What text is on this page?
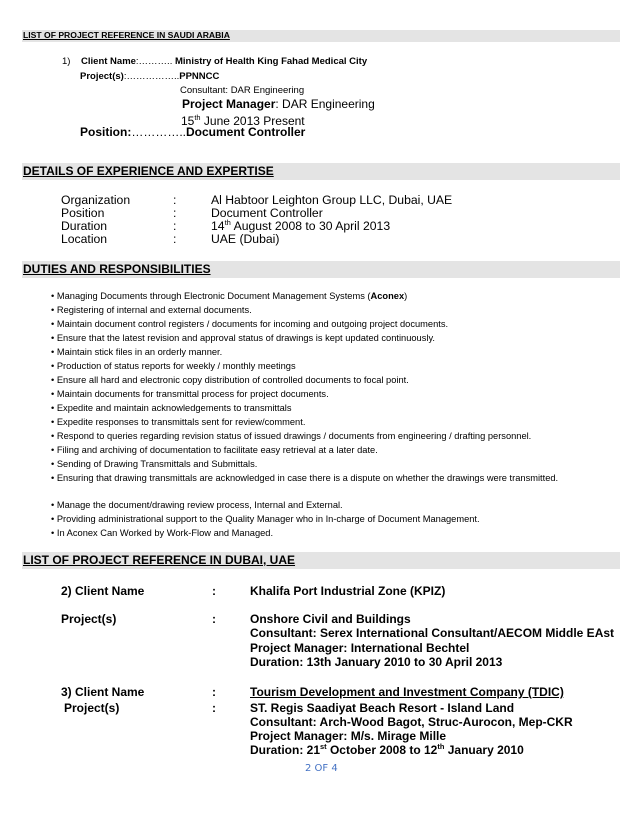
LIST OF PROJECT REFERENCE IN SAUDI ARABIA
1) Client Name:……….. Ministry of Health King Fahad Medical City
Project(s):……………..PPNNCC
Consultant: DAR Engineering
Project Manager: DAR Engineering
15th June 2013 Present
Position:…………..Document Controller
DETAILS OF EXPERIENCE AND EXPERTISE
Organization	:	Al Habtoor Leighton Group LLC, Dubai, UAE
Position	:	Document Controller
Duration	:	14th August 2008 to 30 April 2013
Location	:	UAE (Dubai)
DUTIES AND RESPONSIBILITIES
• Managing Documents through Electronic Document Management Systems (Aconex)
• Registering of internal and external documents.
• Maintain document control registers / documents for incoming and outgoing project documents.
• Ensure that the latest revision and approval status of drawings is kept updated continuously.
• Maintain stick files in an orderly manner.
• Production of status reports for weekly / monthly meetings
• Ensure all hard and electronic copy distribution of controlled documents to focal point.
• Maintain documents for transmittal process for project documents.
• Expedite and maintain acknowledgements to transmittals
• Expedite responses to transmittals sent for review/comment.
• Respond to queries regarding revision status of issued drawings / documents from engineering / drafting personnel.
• Filing and archiving of documentation to facilitate easy retrieval at a later date.
• Sending of Drawing Transmittals and Submittals.
• Ensuring that drawing transmittals are acknowledged in case there is a dispute on whether the drawings were transmitted.
• Manage the document/drawing review process, Internal and External.
• Providing administrational support to the Quality Manager who in In-charge of Document Management.
• In Aconex Can Worked by Work-Flow and Managed.
LIST OF PROJECT REFERENCE IN DUBAI, UAE
2) Client Name	:	Khalifa Port Industrial Zone (KPIZ)
Project(s)	:	Onshore Civil and Buildings
Consultant: Serex International Consultant/AECOM Middle EAst
Project Manager: International Bechtel
Duration: 13th January 2010 to 30 April 2013
3) Client Name	:	Tourism Development and Investment Company (TDIC)
Project(s)	:	ST. Regis Saadiyat Beach Resort - Island Land
Consultant: Arch-Wood Bagot, Struc-Aurocon, Mep-CKR
Project Manager: M/s. Mirage Mille
Duration: 21st October 2008 to 12th January 2010
2 OF 4
